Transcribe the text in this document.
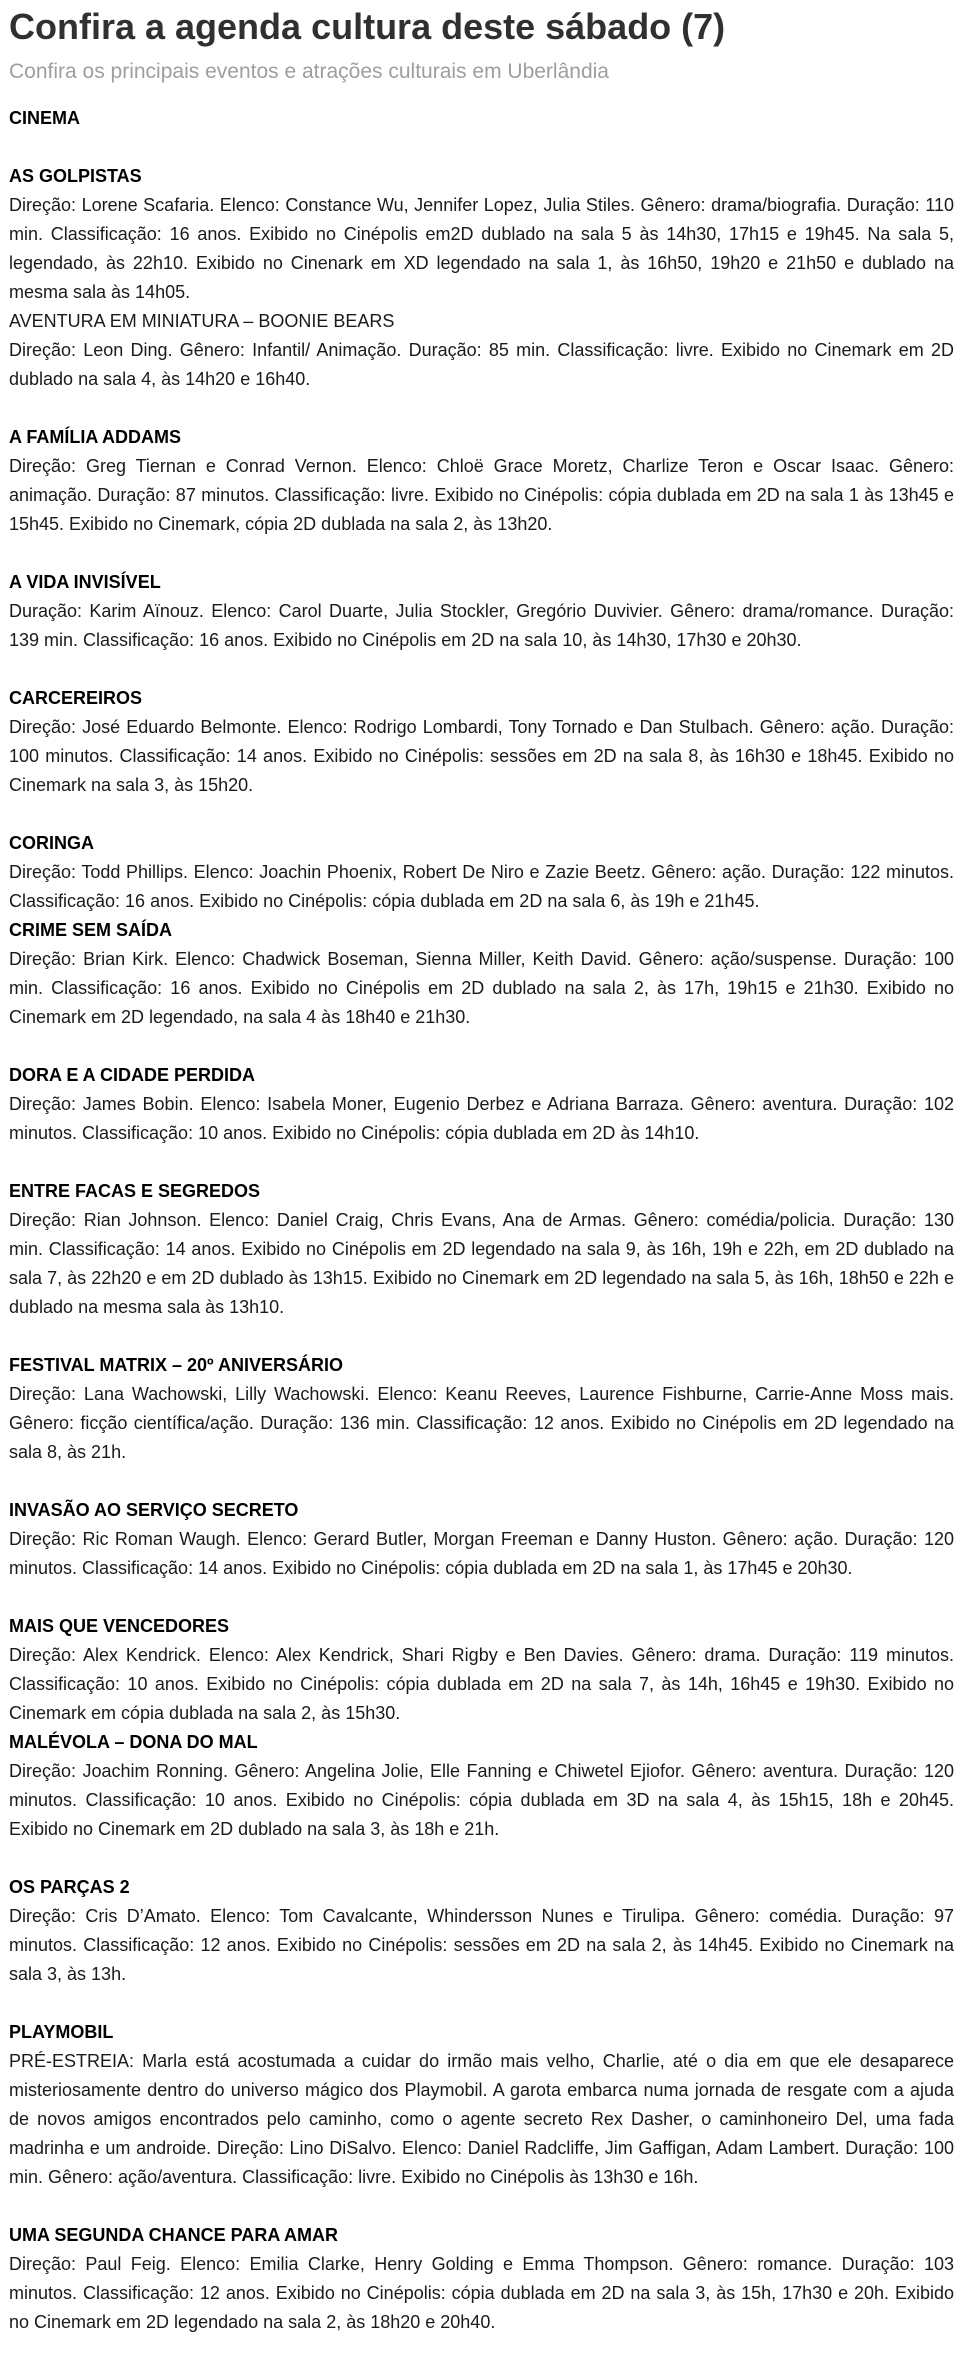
Confira a agenda cultura deste sábado (7)

Confira os principais eventos e atrações culturais em Uberlândia

CINEMA
AS GOLPISTAS

Direção: Lorene Scafaria. Elenco: Constance Wu, Jennifer Lopez, Julia Stiles. Gênero: drama/biografia. Duração: 110 min. Classificação: 16 anos. Exibido no Cinépolis em2D dublado na sala 5 às 14h30, 17h15 e 19h45. Na sala 5, legendado, às 22h10. Exibido no Cinenark em XD legendado na sala 1, às 16h50, 19h20 e 21h50 e dublado na mesma sala às 14h05.

AVENTURA EM MINIATURA – BOONIE BEARS

Direção: Leon Ding. Gênero: Infantil/ Animação. Duração: 85 min. Classificação: livre. Exibido no Cinemark em 2D dublado na sala 4, às 14h20 e 16h40.

A FAMÍLIA ADDAMS

Direção: Greg Tiernan e Conrad Vernon. Elenco: Chloë Grace Moretz, Charlize Teron e Oscar Isaac. Gênero: animação. Duração: 87 minutos. Classificação: livre. Exibido no Cinépolis: cópia dublada em 2D na sala 1 às 13h45 e 15h45. Exibido no Cinemark, cópia 2D dublada na sala 2, às 13h20.

A VIDA INVISÍVEL

Duração: Karim Aïnouz. Elenco: Carol Duarte, Julia Stockler, Gregório Duvivier. Gênero: drama/romance. Duração: 139 min. Classificação: 16 anos. Exibido no Cinépolis em 2D na sala 10, às 14h30, 17h30 e 20h30.

CARCEREIROS

Direção: José Eduardo Belmonte. Elenco: Rodrigo Lombardi, Tony Tornado e Dan Stulbach. Gênero: ação. Duração: 100 minutos. Classificação: 14 anos. Exibido no Cinépolis: sessões em 2D na sala 8, às 16h30 e 18h45. Exibido no Cinemark na sala 3, às 15h20.

CORINGA

Direção: Todd Phillips. Elenco: Joachin Phoenix, Robert De Niro e Zazie Beetz. Gênero: ação. Duração: 122 minutos. Classificação: 16 anos. Exibido no Cinépolis: cópia dublada em 2D na sala 6, às 19h e 21h45.

CRIME SEM SAÍDA

Direção: Brian Kirk. Elenco: Chadwick Boseman, Sienna Miller, Keith David. Gênero: ação/suspense. Duração: 100 min. Classificação: 16 anos. Exibido no Cinépolis em 2D dublado na sala 2, às 17h, 19h15 e 21h30. Exibido no Cinemark em 2D legendado, na sala 4 às 18h40 e 21h30.

DORA E A CIDADE PERDIDA

Direção: James Bobin. Elenco: Isabela Moner, Eugenio Derbez e Adriana Barraza. Gênero: aventura. Duração: 102 minutos. Classificação: 10 anos. Exibido no Cinépolis: cópia dublada em 2D às 14h10.

ENTRE FACAS E SEGREDOS

Direção: Rian Johnson. Elenco: Daniel Craig, Chris Evans, Ana de Armas. Gênero: comédia/policia. Duração: 130 min. Classificação: 14 anos. Exibido no Cinépolis em 2D legendado na sala 9, às 16h, 19h e 22h, em 2D dublado na sala 7, às 22h20 e em 2D dublado às 13h15. Exibido no Cinemark em 2D legendado na sala 5, às 16h, 18h50 e 22h e dublado na mesma sala às 13h10.

FESTIVAL MATRIX – 20º ANIVERSÁRIO

Direção: Lana Wachowski, Lilly Wachowski. Elenco: Keanu Reeves, Laurence Fishburne, Carrie-Anne Moss mais. Gênero: ficção científica/ação. Duração: 136 min. Classificação: 12 anos. Exibido no Cinépolis em 2D legendado na sala 8, às 21h.

INVASÃO AO SERVIÇO SECRETO

Direção: Ric Roman Waugh. Elenco: Gerard Butler, Morgan Freeman e Danny Huston. Gênero: ação. Duração: 120 minutos. Classificação: 14 anos. Exibido no Cinépolis: cópia dublada em 2D na sala 1, às 17h45 e 20h30.

MAIS QUE VENCEDORES

Direção: Alex Kendrick. Elenco: Alex Kendrick, Shari Rigby e Ben Davies. Gênero: drama. Duração: 119 minutos. Classificação: 10 anos. Exibido no Cinépolis: cópia dublada em 2D na sala 7, às 14h, 16h45 e 19h30. Exibido no Cinemark em cópia dublada na sala 2, às 15h30.

MALÉVOLA – DONA DO MAL

Direção: Joachim Ronning. Gênero: Angelina Jolie, Elle Fanning e Chiwetel Ejiofor. Gênero: aventura. Duração: 120 minutos. Classificação: 10 anos. Exibido no Cinépolis: cópia dublada em 3D na sala 4, às 15h15, 18h e 20h45. Exibido no Cinemark em 2D dublado na sala 3, às 18h e 21h.

OS PARÇAS 2

Direção: Cris D’Amato. Elenco: Tom Cavalcante, Whindersson Nunes e Tirulipa. Gênero: comédia. Duração: 97 minutos. Classificação: 12 anos. Exibido no Cinépolis: sessões em 2D na sala 2, às 14h45. Exibido no Cinemark na sala 3, às 13h.

PLAYMOBIL

PRÉ-ESTREIA: Marla está acostumada a cuidar do irmão mais velho, Charlie, até o dia em que ele desaparece misteriosamente dentro do universo mágico dos Playmobil. A garota embarca numa jornada de resgate com a ajuda de novos amigos encontrados pelo caminho, como o agente secreto Rex Dasher, o caminhoneiro Del, uma fada madrinha e um androide. Direção: Lino DiSalvo. Elenco: Daniel Radcliffe, Jim Gaffigan, Adam Lambert. Duração: 100 min. Gênero: ação/aventura. Classificação: livre. Exibido no Cinépolis às 13h30 e 16h.

UMA SEGUNDA CHANCE PARA AMAR

Direção: Paul Feig. Elenco: Emilia Clarke, Henry Golding e Emma Thompson. Gênero: romance. Duração: 103 minutos. Classificação: 12 anos. Exibido no Cinépolis: cópia dublada em 2D na sala 3, às 15h, 17h30 e 20h. Exibido no Cinemark em 2D legendado na sala 2, às 18h20 e 20h40.
